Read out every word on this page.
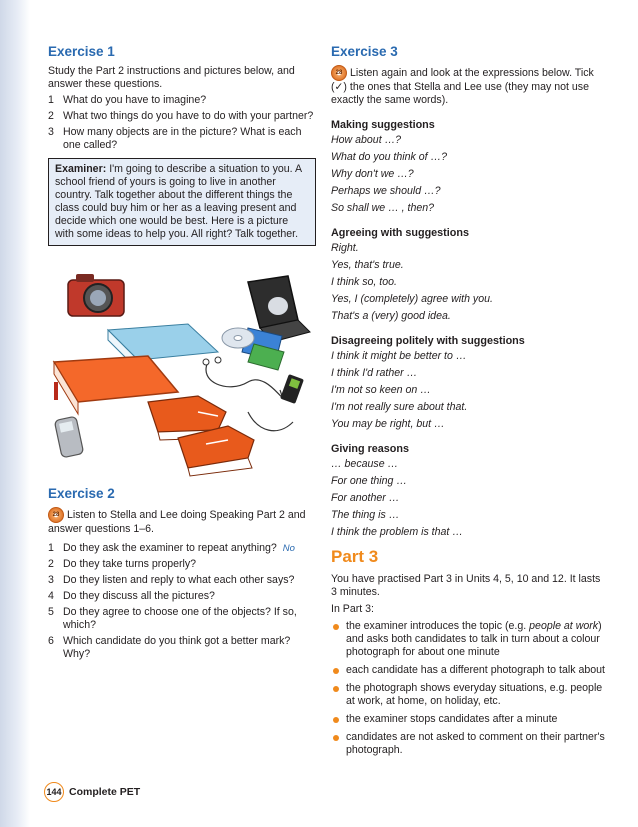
Exercise 1

Study the Part 2 instructions and pictures below, and answer these questions.

1 What do you have to imagine?
2 What two things do you have to do with your partner?
3 How many objects are in the picture? What is each one called?
Examiner: I'm going to describe a situation to you. A school friend of yours is going to live in another country. Talk together about the different things the class could buy him or her as a leaving present and decide which one would be best. Here is a picture with some ideas to help you. All right? Talk together.
Exercise 2

28 Listen to Stella and Lee doing Speaking Part 2 and answer questions 1–6.

1 Do they ask the examiner to repeat anything? No
2 Do they take turns properly?
3 Do they listen and reply to what each other says?
4 Do they discuss all the pictures?
5 Do they agree to choose one of the objects? If so, which?
6 Which candidate do you think got a better mark? Why?
Exercise 3

28 Listen again and look at the expressions below. Tick (✓) the ones that Stella and Lee use (they may not use exactly the same words).

Making suggestions

How about …?

What do you think of …?

Why don't we …?

Perhaps we should …?

So shall we … , then?

Agreeing with suggestions

Right.

Yes, that's true.

I think so, too.

Yes, I (completely) agree with you.

That's a (very) good idea.

Disagreeing politely with suggestions

I think it might be better to …

I think I'd rather …

I'm not so keen on …

I'm not really sure about that.

You may be right, but …

Giving reasons

… because …

For one thing …

For another …

The thing is …

I think the problem is that …

Part 3

You have practised Part 3 in Units 4, 5, 10 and 12. It lasts 3 minutes.

In Part 3:

the examiner introduces the topic (e.g. people at work) and asks both candidates to talk in turn about a colour photograph for about one minute
each candidate has a different photograph to talk about
the photograph shows everyday situations, e.g. people at work, at home, on holiday, etc.
the examiner stops candidates after a minute
candidates are not asked to comment on their partner's photograph.
144 Complete PET
